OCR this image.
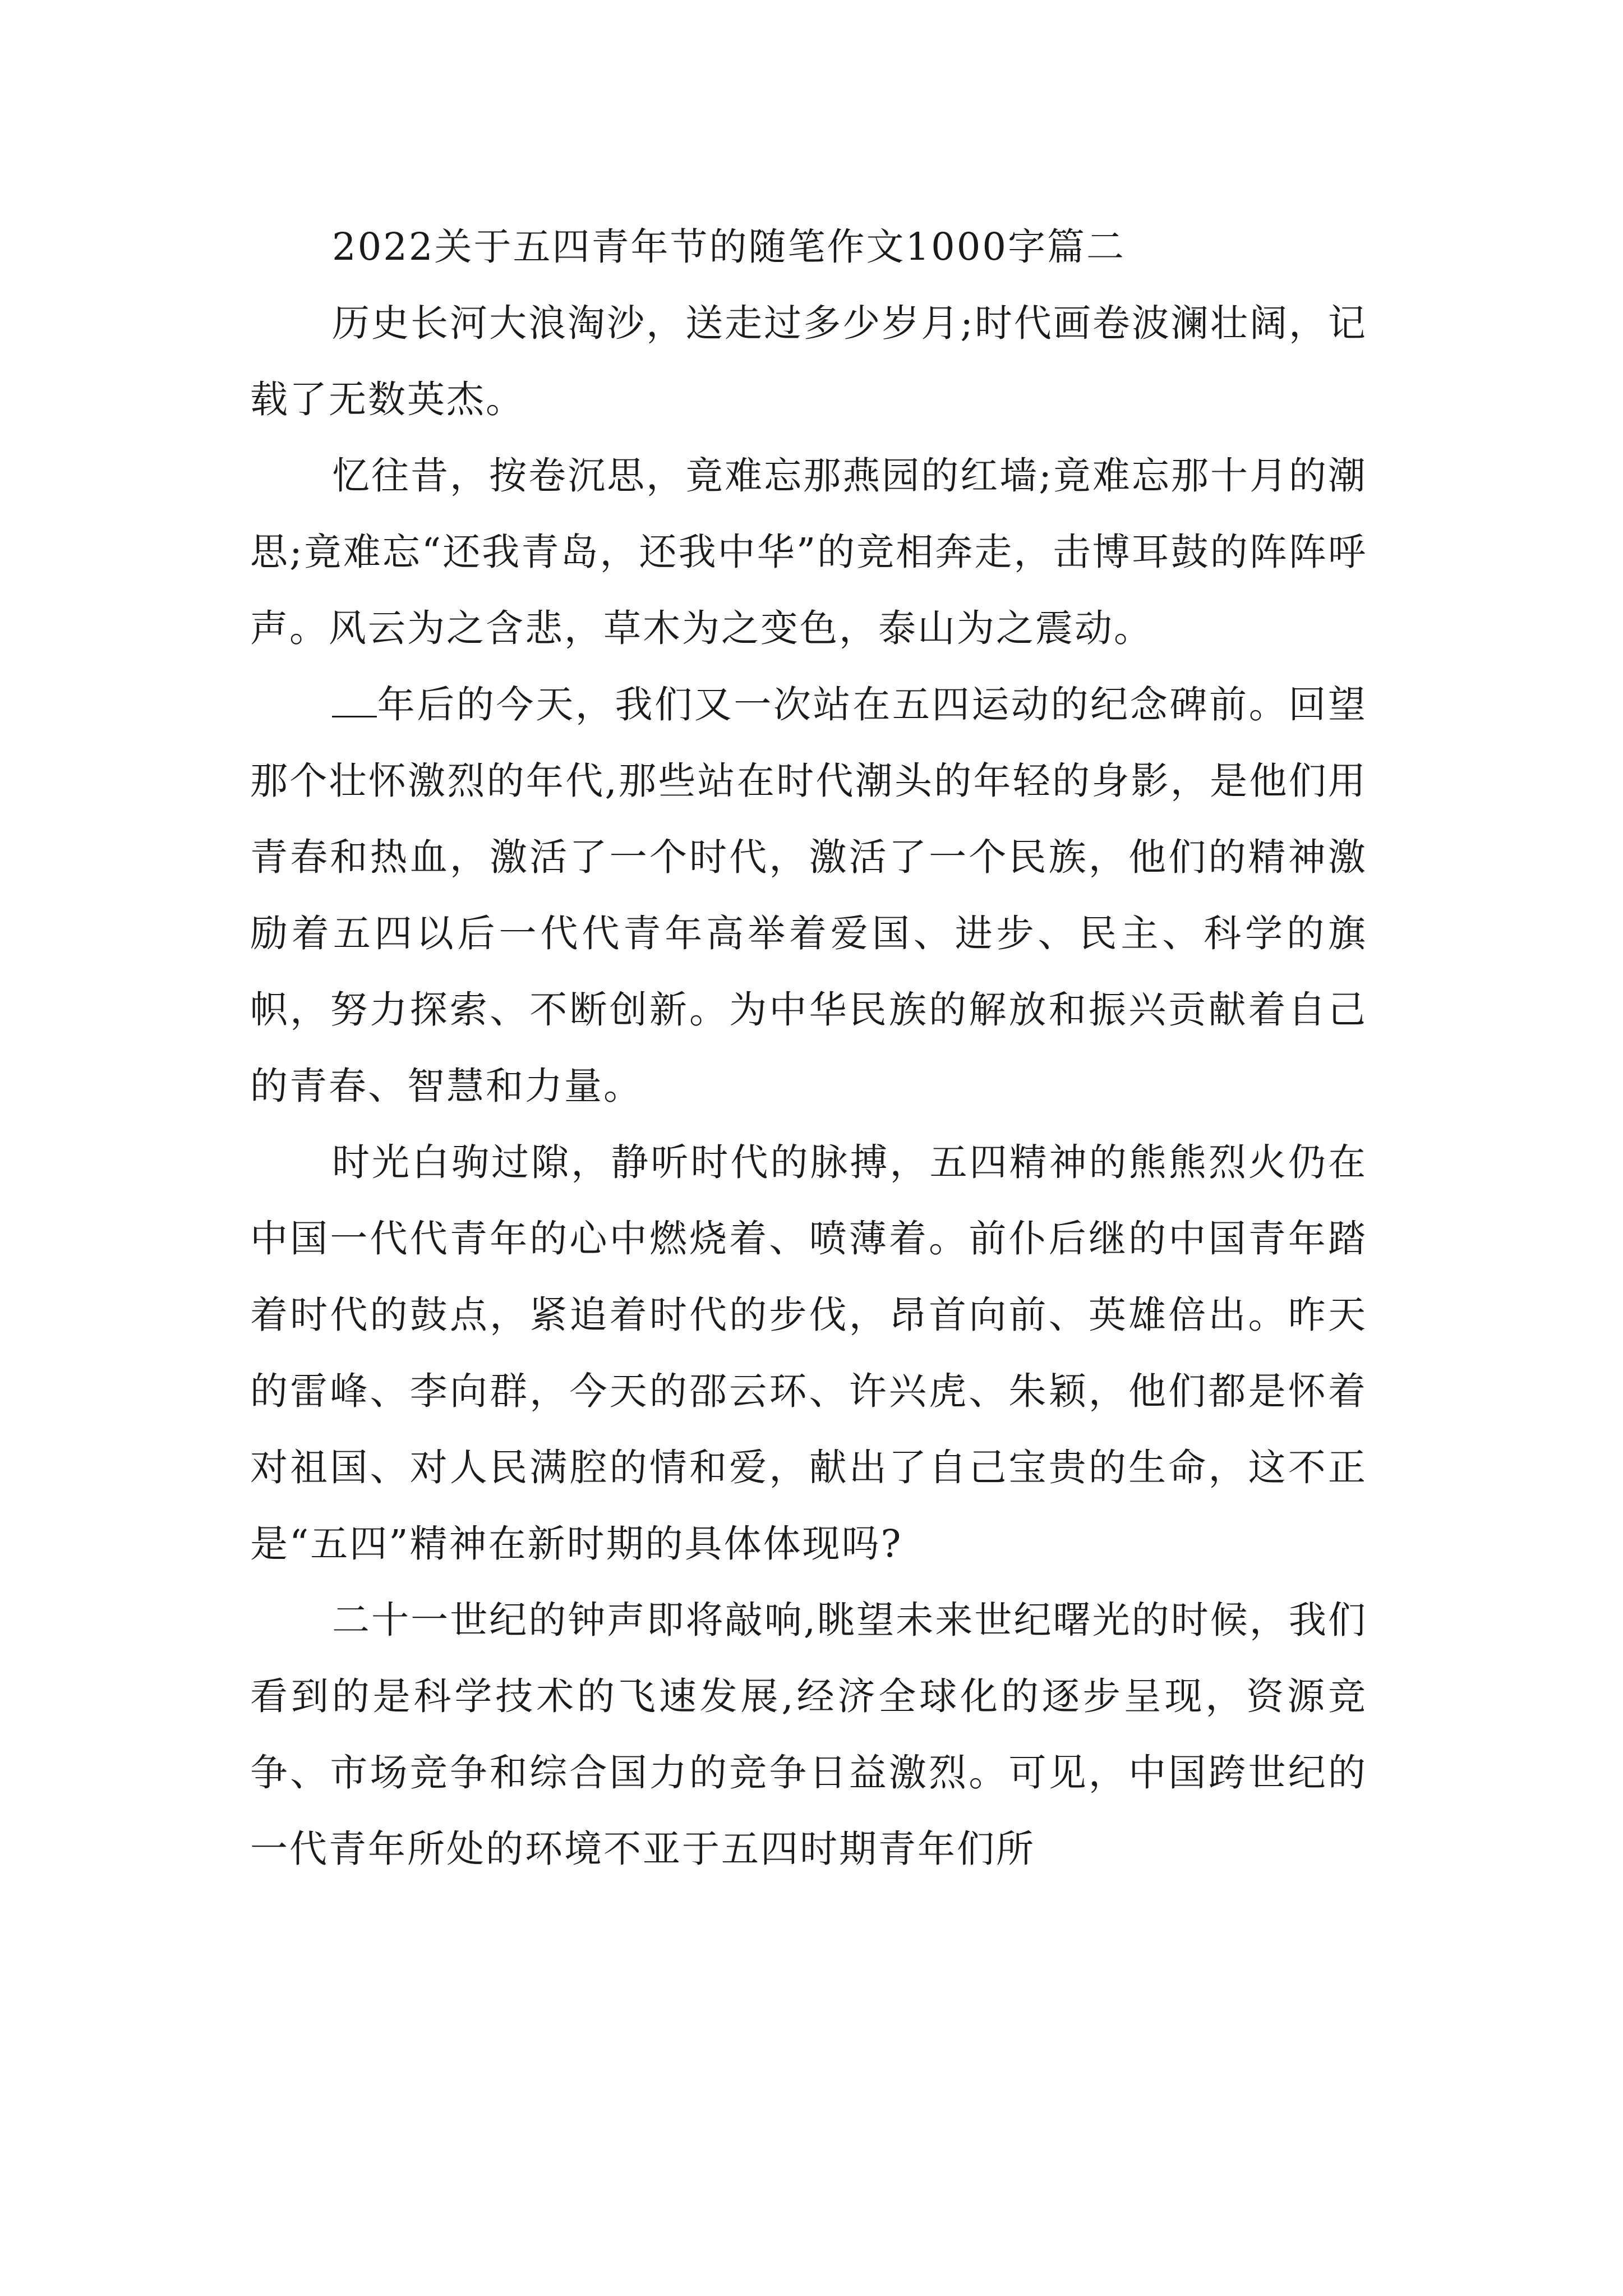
2022关于五四青年节的随笔作文1000字篇二

历史长河大浪淘沙，送走过多少岁月;时代画卷波澜壮阔，记载了无数英杰。

忆往昔，按卷沉思，竟难忘那燕园的红墙;竟难忘那十月的潮思;竟难忘“还我青岛，还我中华”的竞相奔走，击博耳鼓的阵阵呼声。风云为之含悲，草木为之变色，泰山为之震动。

年后的今天，我们又一次站在五四运动的纪念碑前。回望那个壮怀激烈的年代,那些站在时代潮头的年轻的身影，是他们用青春和热血，激活了一个时代，激活了一个民族，他们的精神激励着五四以后一代代青年高举着爱国、进步、民主、科学的旗帜，努力探索、不断创新。为中华民族的解放和振兴贡献着自己的青春、智慧和力量。

时光白驹过隙，静听时代的脉搏，五四精神的熊熊烈火仍在中国一代代青年的心中燃烧着、喷薄着。前仆后继的中国青年踏着时代的鼓点，紧追着时代的步伐，昂首向前、英雄倍出。昨天的雷峰、李向群，今天的邵云环、许兴虎、朱颖，他们都是怀着对祖国、对人民满腔的情和爱，献出了自己宝贵的生命，这不正是“五四”精神在新时期的具体体现吗?

二十一世纪的钟声即将敲响,眺望未来世纪曙光的时候，我们看到的是科学技术的飞速发展,经济全球化的逐步呈现，资源竞争、市场竞争和综合国力的竞争日益激烈。可见，中国跨世纪的一代青年所处的环境不亚于五四时期青年们所
